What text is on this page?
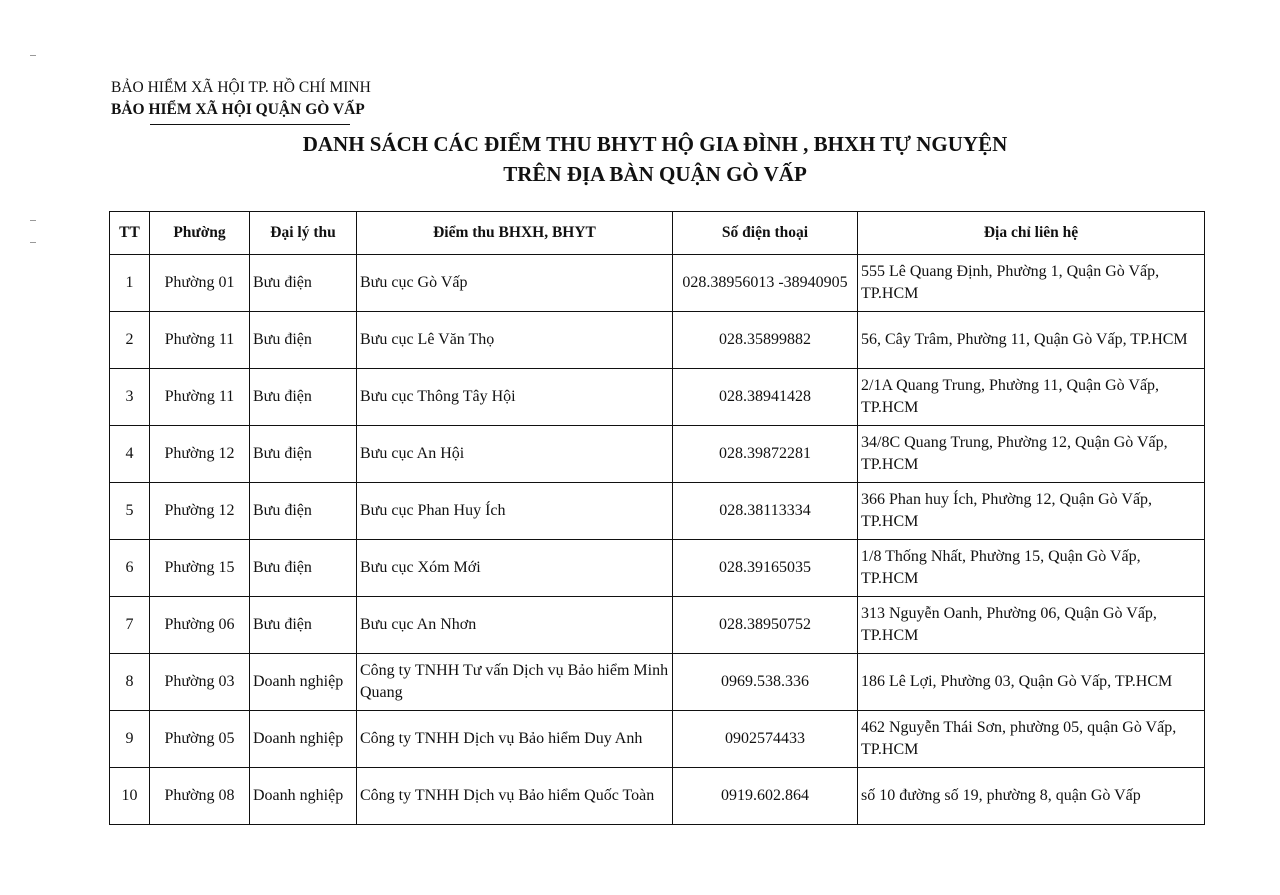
BẢO HIỂM XÃ HỘI TP. HỒ CHÍ MINH
BẢO HIỂM XÃ HỘI QUẬN GÒ VẤP
DANH SÁCH CÁC ĐIỂM THU BHYT HỘ GIA ĐÌNH , BHXH TỰ NGUYỆN
TRÊN ĐỊA BÀN QUẬN GÒ VẤP
TT	Phường	Đại lý thu	Điểm thu BHXH, BHYT	Số điện thoại	Địa chỉ liên hệ
1	Phường 01	Bưu điện	Bưu cục Gò Vấp	028.38956013 -38940905	555 Lê Quang Định, Phường 1, Quận Gò Vấp, TP.HCM
2	Phường 11	Bưu điện	Bưu cục Lê Văn Thọ	028.35899882	56, Cây Trâm, Phường 11, Quận Gò Vấp, TP.HCM
3	Phường 11	Bưu điện	Bưu cục Thông Tây Hội	028.38941428	2/1A Quang Trung, Phường 11, Quận Gò Vấp, TP.HCM
4	Phường 12	Bưu điện	Bưu cục An Hội	028.39872281	34/8C Quang Trung, Phường 12, Quận Gò Vấp, TP.HCM
5	Phường 12	Bưu điện	Bưu cục Phan Huy Ích	028.38113334	366 Phan huy Ích, Phường 12, Quận Gò Vấp, TP.HCM
6	Phường 15	Bưu điện	Bưu cục Xóm Mới	028.39165035	1/8 Thống Nhất, Phường 15, Quận Gò Vấp, TP.HCM
7	Phường 06	Bưu điện	Bưu cục An Nhơn	028.38950752	313 Nguyễn Oanh, Phường 06, Quận Gò Vấp, TP.HCM
8	Phường 03	Doanh nghiệp	Công ty TNHH Tư vấn Dịch vụ Bảo hiểm Minh Quang	0969.538.336	186 Lê Lợi, Phường 03, Quận Gò Vấp, TP.HCM
9	Phường 05	Doanh nghiệp	Công ty TNHH Dịch vụ Bảo hiểm Duy Anh	0902574433	462 Nguyễn Thái Sơn, phường 05, quận Gò Vấp, TP.HCM
10	Phường 08	Doanh nghiệp	Công ty TNHH Dịch vụ Bảo hiểm Quốc Toàn	0919.602.864	số 10 đường số 19, phường 8, quận Gò Vấp
